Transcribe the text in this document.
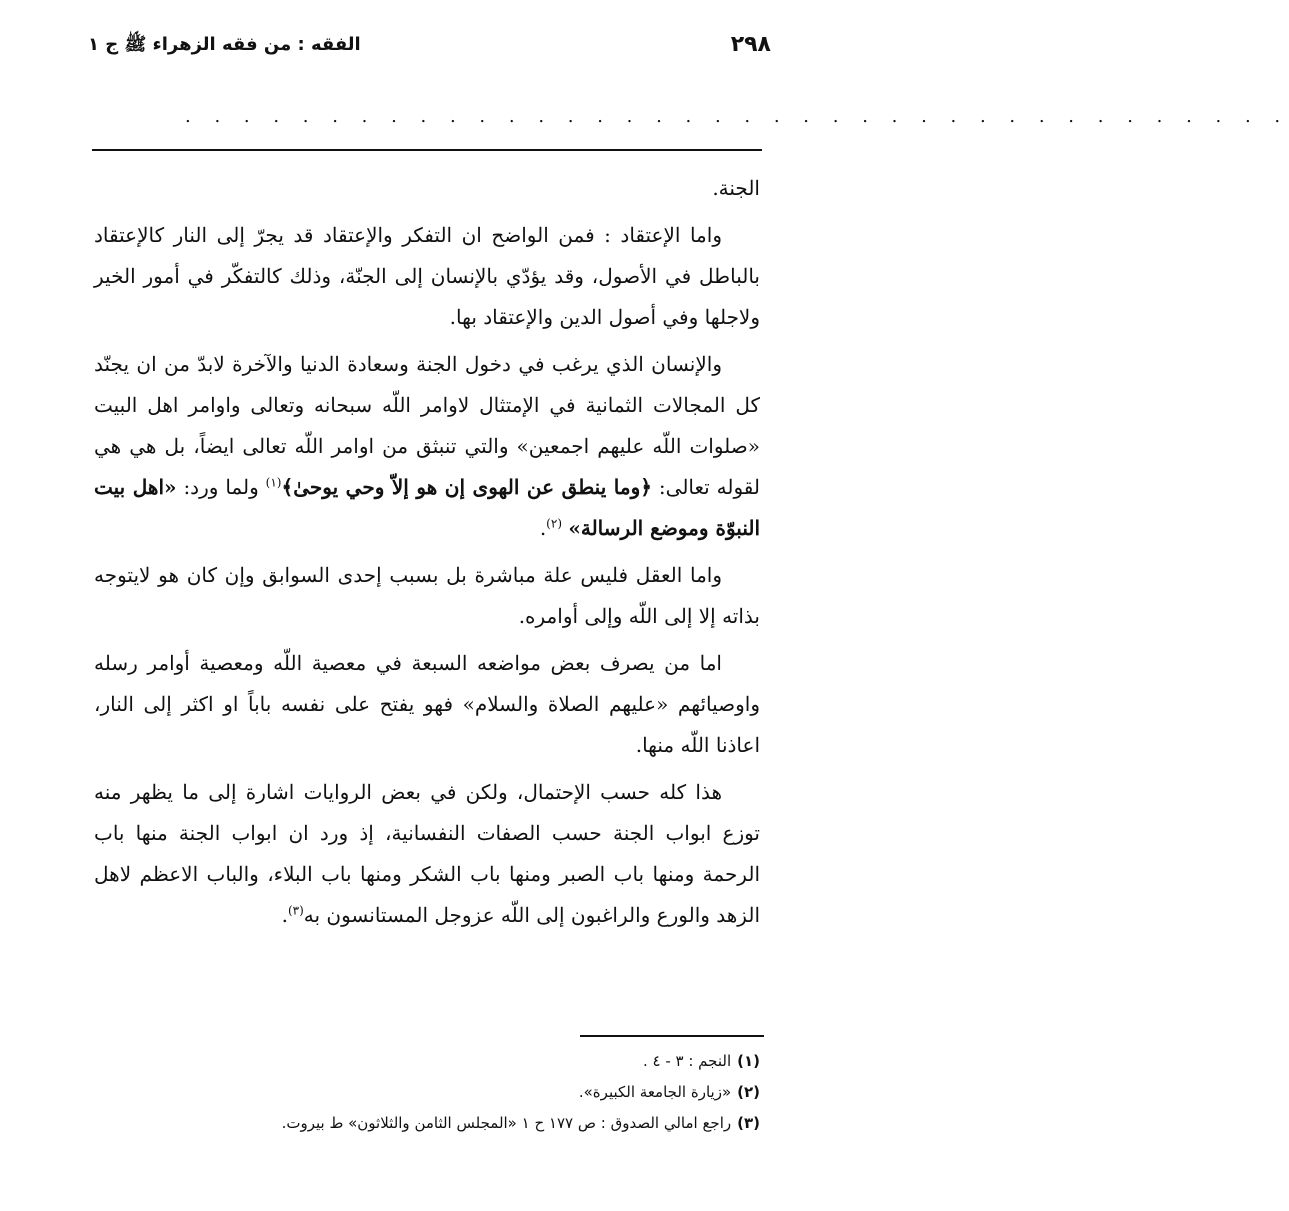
٢٩٨
الفقه : من فقه الزهراء ﷺ ج ١
. . . . . . . . . . . . . . . . . . . . . . . . . . . . . . . . . . . . . .

الجنة.

واما الإعتقاد : فمن الواضح ان التفكر والإعتقاد قد يجرّ إلى النار كالإعتقاد بالباطل في الأصول، وقد يؤدّي بالإنسان إلى الجنّة، وذلك كالتفكّر في أمور الخير ولاجلها وفي أصول الدين والإعتقاد بها.

والإنسان الذي يرغب في دخول الجنة وسعادة الدنيا والآخرة لابدّ من ان يجنّد كل المجالات الثمانية في الإمتثال لاوامر اللّه سبحانه وتعالى واوامر اهل البيت «صلوات اللّه عليهم اجمعين» والتي تنبثق من اوامر اللّه تعالى ايضاً، بل هي هي لقوله تعالى: ﴿وما ينطق عن الهوى إن هو إلاّ وحي يوحىٰ﴾$^{(١)}$ ولما ورد: «اهل بيت النبوّة وموضع الرسالة» $^{(٢)}$.

واما العقل فليس علة مباشرة بل بسبب إحدى السوابق وإن كان هو لايتوجه بذاته إلا إلى اللّه وإلى أوامره.

اما من يصرف بعض مواضعه السبعة في معصية اللّه ومعصية أوامر رسله واوصيائهم «عليهم الصلاة والسلام» فهو يفتح على نفسه باباً او اكثر إلى النار، اعاذنا اللّه منها.

هذا كله حسب الإحتمال، ولكن في بعض الروايات اشارة إلى ما يظهر منه توزع ابواب الجنة حسب الصفات النفسانية، إذ ورد ان ابواب الجنة منها باب الرحمة ومنها باب الصبر ومنها باب الشكر ومنها باب البلاء، والباب الاعظم لاهل الزهد والورع والراغبون إلى اللّه عزوجل المستانسون به$^{(٣)}$.

(١)النجم : ٣ - ٤ .

(٢)«زيارة الجامعة الكبيرة».

(٣)راجع امالي الصدوق : ص ١٧٧ ح ١ «المجلس الثامن والثلاثون» ط بيروت.
